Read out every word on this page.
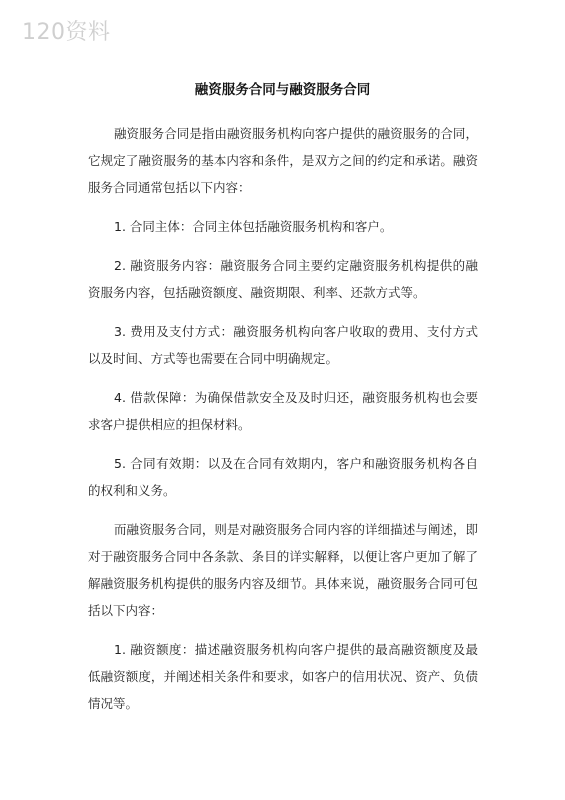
120资料
融资服务合同与融资服务合同

融资服务合同是指由融资服务机构向客户提供的融资服务的合同，它规定了融资服务的基本内容和条件，是双方之间的约定和承诺。融资服务合同通常包括以下内容：

1. 合同主体：合同主体包括融资服务机构和客户。

2. 融资服务内容：融资服务合同主要约定融资服务机构提供的融资服务内容，包括融资额度、融资期限、利率、还款方式等。

3. 费用及支付方式：融资服务机构向客户收取的费用、支付方式以及时间、方式等也需要在合同中明确规定。

4. 借款保障：为确保借款安全及及时归还，融资服务机构也会要求客户提供相应的担保材料。

5. 合同有效期：以及在合同有效期内，客户和融资服务机构各自的权利和义务。

而融资服务合同，则是对融资服务合同内容的详细描述与阐述，即对于融资服务合同中各条款、条目的详实解释，以便让客户更加了解了解融资服务机构提供的服务内容及细节。具体来说，融资服务合同可包括以下内容：

1. 融资额度：描述融资服务机构向客户提供的最高融资额度及最低融资额度，并阐述相关条件和要求，如客户的信用状况、资产、负债情况等。
